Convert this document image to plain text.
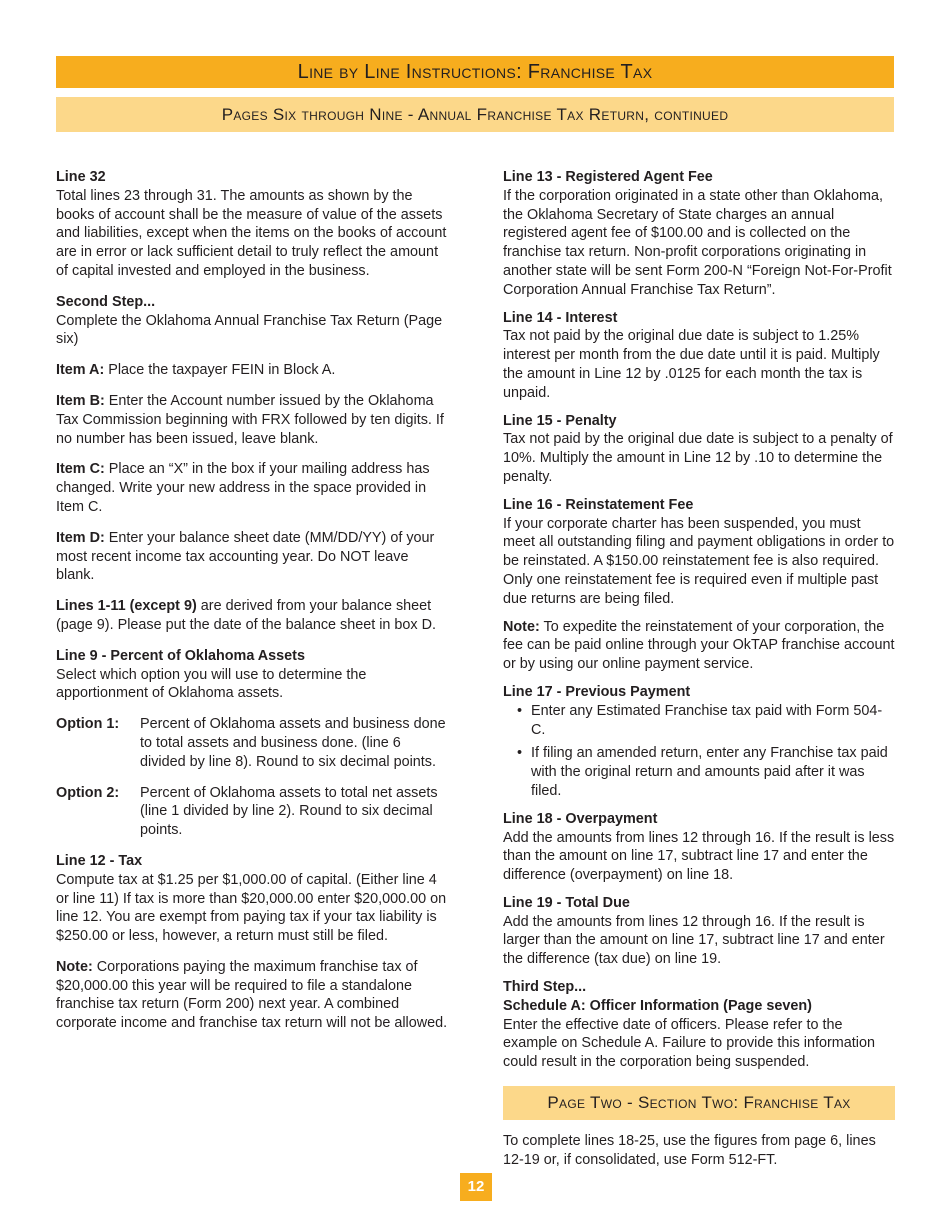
Line by Line Instructions: Franchise Tax
Pages Six through Nine - Annual Franchise Tax Return, continued
Line 32
Total lines 23 through 31. The amounts as shown by the books of account shall be the measure of value of the assets and liabilities, except when the items on the books of account are in error or lack sufficient detail to truly reflect the amount of capital invested and employed in the business.
Second Step...
Complete the Oklahoma Annual Franchise Tax Return (Page six)
Item A: Place the taxpayer FEIN in Block A.
Item B: Enter the Account number issued by the Oklahoma Tax Commission beginning with FRX followed by ten digits. If no number has been issued, leave blank.
Item C: Place an “X” in the box if your mailing address has changed. Write your new address in the space provided in Item C.
Item D: Enter your balance sheet date (MM/DD/YY) of your most recent income tax accounting year. Do NOT leave blank.
Lines 1-11 (except 9) are derived from your balance sheet (page 9). Please put the date of the balance sheet in box D.
Line 9 - Percent of Oklahoma Assets
Select which option you will use to determine the apportionment of Oklahoma assets.
Option 1:	Percent of Oklahoma assets and business done to total assets and business done. (line 6 divided by line 8). Round to six decimal points.
Option 2:	Percent of Oklahoma assets to total net assets (line 1 divided by line 2). Round to six decimal points.
Line 12 - Tax
Compute tax at $1.25 per $1,000.00 of capital. (Either line 4 or line 11) If tax is more than $20,000.00 enter $20,000.00 on line 12. You are exempt from paying tax if your tax liability is $250.00 or less, however, a return must still be filed.
Note: Corporations paying the maximum franchise tax of $20,000.00 this year will be required to file a standalone franchise tax return (Form 200) next year. A combined corporate income and franchise tax return will not be allowed.
Line 13 - Registered Agent Fee
If the corporation originated in a state other than Oklahoma, the Oklahoma Secretary of State charges an annual registered agent fee of $100.00 and is collected on the franchise tax return. Non-profit corporations originating in another state will be sent Form 200-N “Foreign Not-For-Profit Corporation Annual Franchise Tax Return”.
Line 14 - Interest
Tax not paid by the original due date is subject to 1.25% interest per month from the due date until it is paid. Multiply the amount in Line 12 by .0125 for each month the tax is unpaid.
Line 15 - Penalty
Tax not paid by the original due date is subject to a penalty of 10%. Multiply the amount in Line 12 by .10 to determine the penalty.
Line 16 - Reinstatement Fee
If your corporate charter has been suspended, you must meet all outstanding filing and payment obligations in order to be reinstated. A $150.00 reinstatement fee is also required. Only one reinstatement fee is required even if multiple past due returns are being filed.
Note: To expedite the reinstatement of your corporation, the fee can be paid online through your OkTAP franchise account or by using our online payment service.
Line 17 - Previous Payment
• Enter any Estimated Franchise tax paid with Form 504-C.
• If filing an amended return, enter any Franchise tax paid with the original return and amounts paid after it was filed.
Line 18 - Overpayment
Add the amounts from lines 12 through 16. If the result is less than the amount on line 17, subtract line 17 and enter the difference (overpayment) on line 18.
Line 19 - Total Due
Add the amounts from lines 12 through 16. If the result is larger than the amount on line 17, subtract line 17 and enter the difference (tax due) on line 19.
Third Step...
Schedule A: Officer Information (Page seven)
Enter the effective date of officers. Please refer to the example on Schedule A. Failure to provide this information could result in the corporation being suspended.
Page Two - Section Two: Franchise Tax
To complete lines 18-25, use the figures from page 6, lines 12-19 or, if consolidated, use Form 512-FT.
12
